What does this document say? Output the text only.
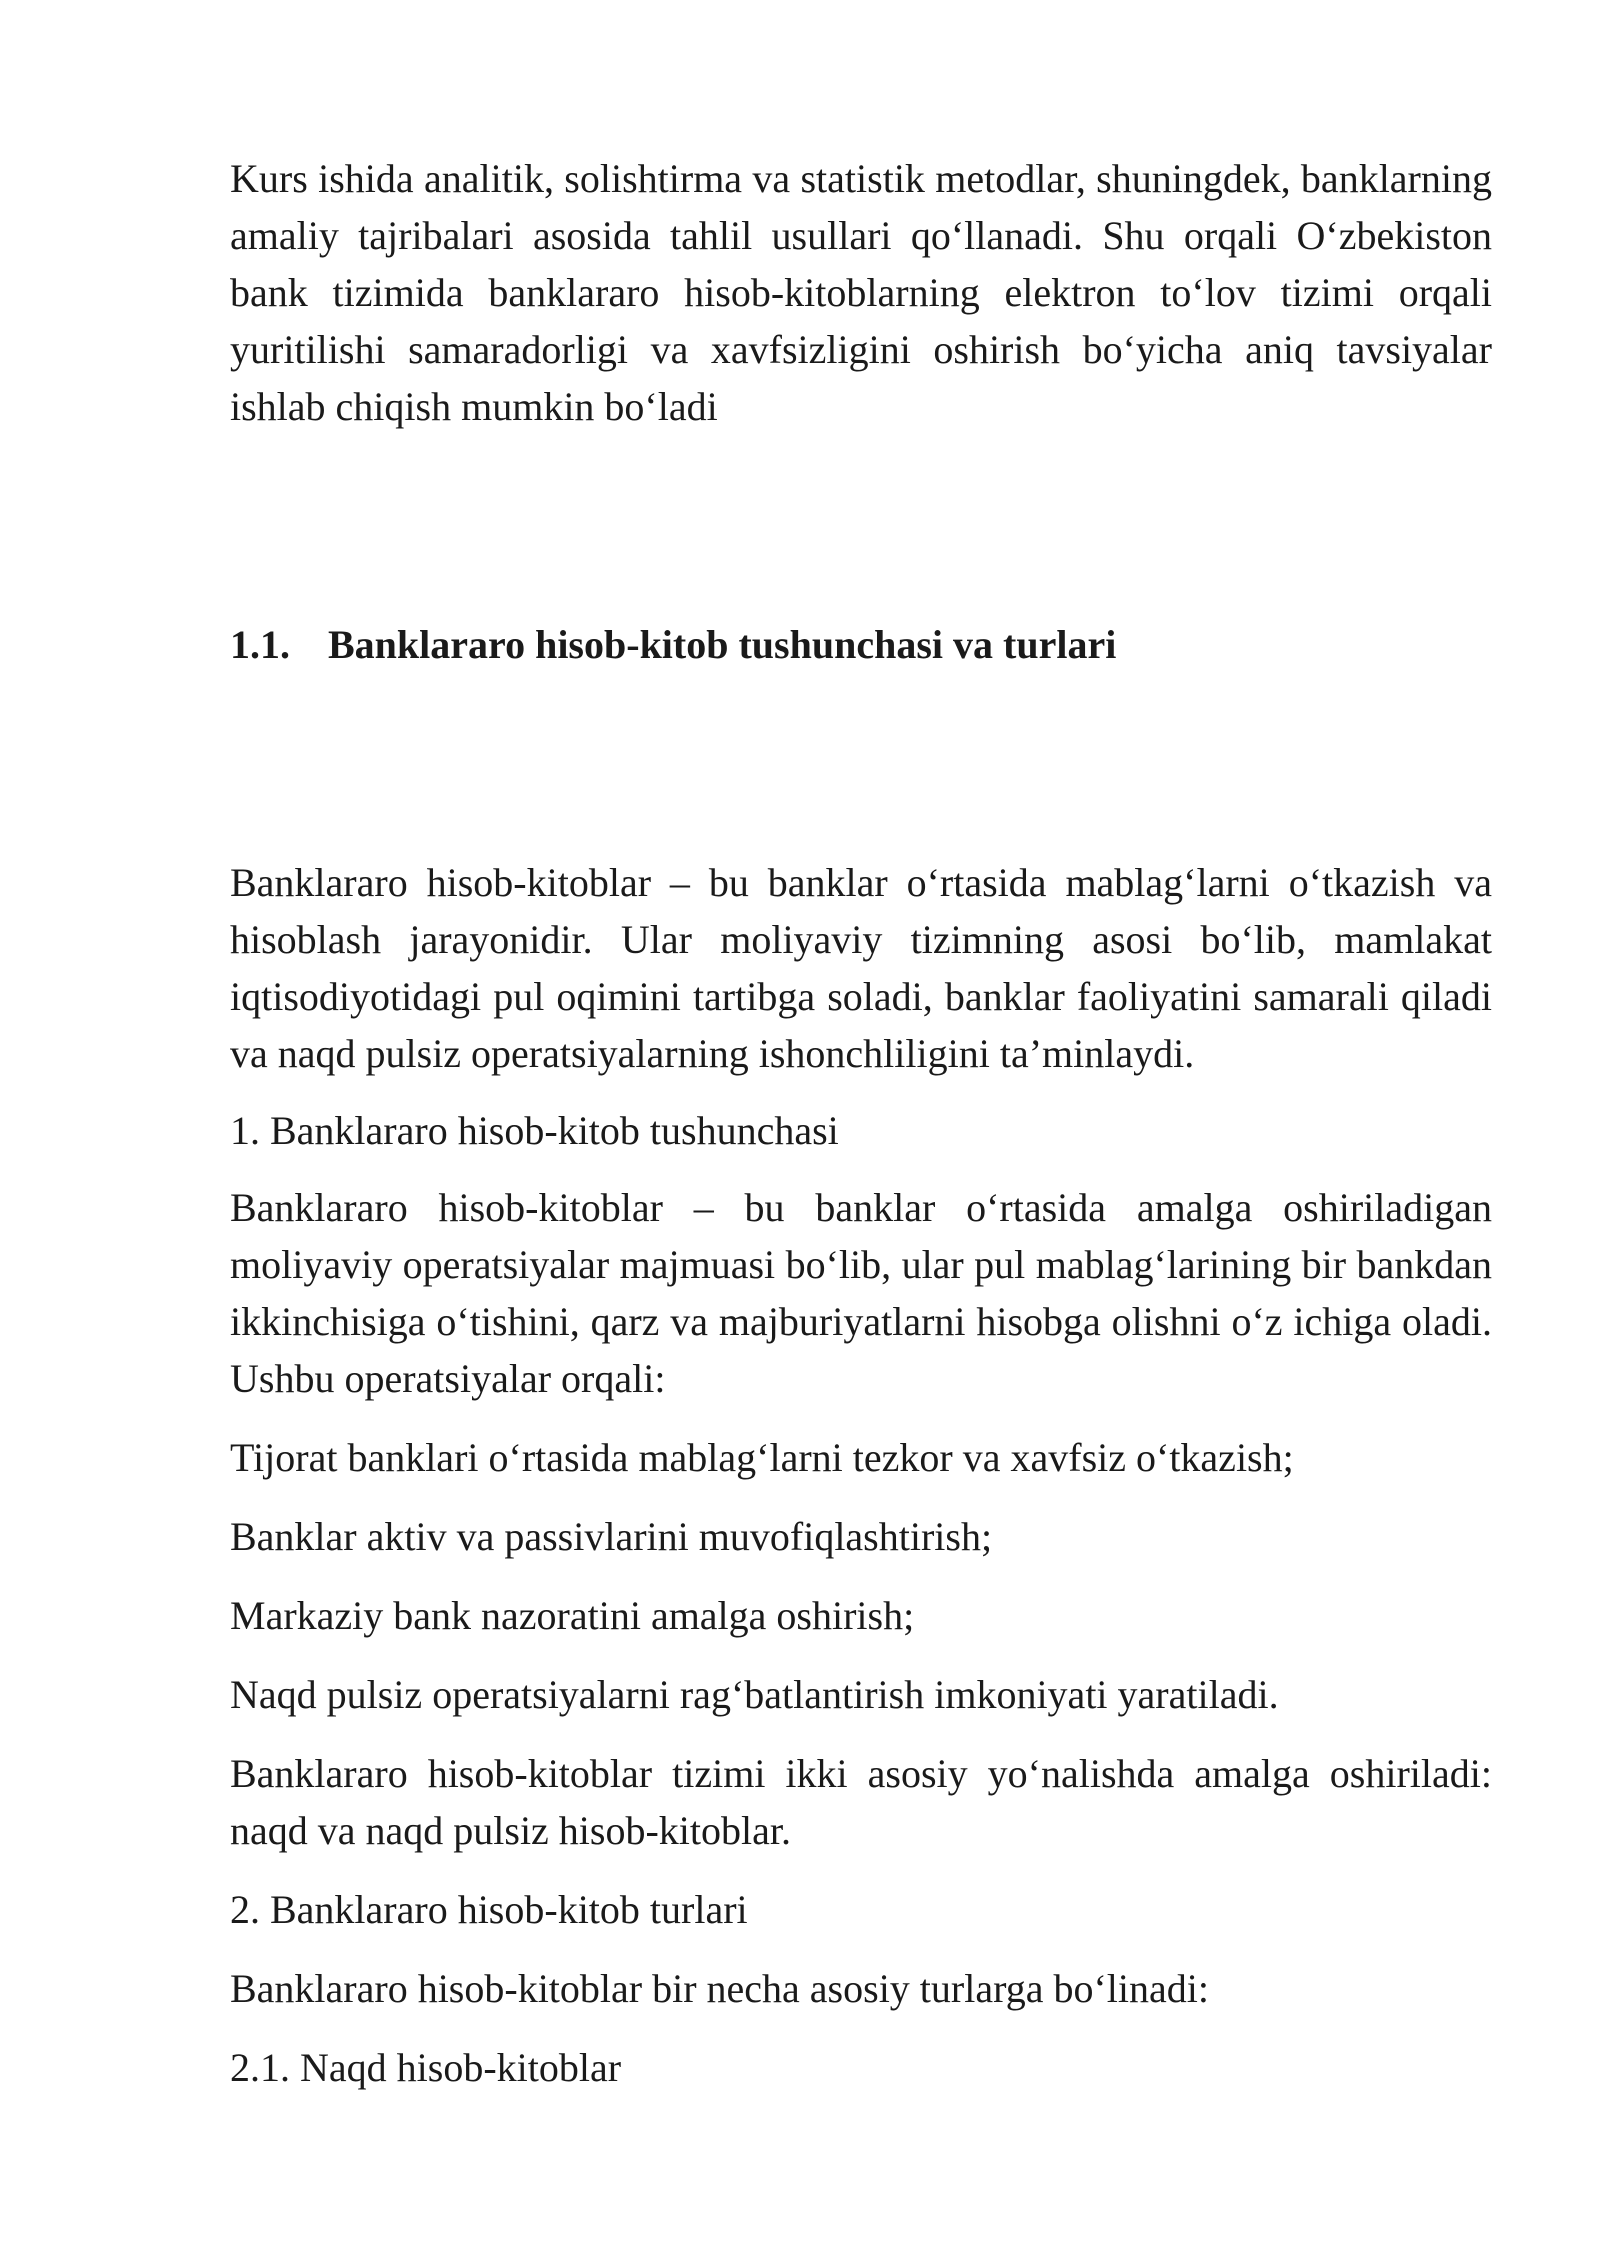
Kurs ishida analitik, solishtirma va statistik metodlar, shuningdek, banklarning amaliy tajribalari asosida tahlil usullari qo‘llanadi. Shu orqali O‘zbekiston bank tizimida banklararo hisob-kitoblarning elektron to‘lov tizimi orqali yuritilishi samaradorligi va xavfsizligini oshirish bo‘yicha aniq tavsiyalar ishlab chiqish mumkin bo‘ladi

1.1. Banklararo hisob-kitob tushunchasi va turlari

Banklararo hisob-kitoblar – bu banklar o‘rtasida mablag‘larni o‘tkazish va hisoblash jarayonidir. Ular moliyaviy tizimning asosi bo‘lib, mamlakat iqtisodiyotidagi pul oqimini tartibga soladi, banklar faoliyatini samarali qiladi va naqd pulsiz operatsiyalarning ishonchliligini ta’minlaydi.

1. Banklararo hisob-kitob tushunchasi

Banklararo hisob-kitoblar – bu banklar o‘rtasida amalga oshiriladigan moliyaviy operatsiyalar majmuasi bo‘lib, ular pul mablag‘larining bir bankdan ikkinchisiga o‘tishini, qarz va majburiyatlarni hisobga olishni o‘z ichiga oladi. Ushbu operatsiyalar orqali:

Tijorat banklari o‘rtasida mablag‘larni tezkor va xavfsiz o‘tkazish;

Banklar aktiv va passivlarini muvofiqlashtirish;

Markaziy bank nazoratini amalga oshirish;

Naqd pulsiz operatsiyalarni rag‘batlantirish imkoniyati yaratiladi.

Banklararo hisob-kitoblar tizimi ikki asosiy yo‘nalishda amalga oshiriladi: naqd va naqd pulsiz hisob-kitoblar.

2. Banklararo hisob-kitob turlari

Banklararo hisob-kitoblar bir necha asosiy turlarga bo‘linadi:

2.1. Naqd hisob-kitoblar
